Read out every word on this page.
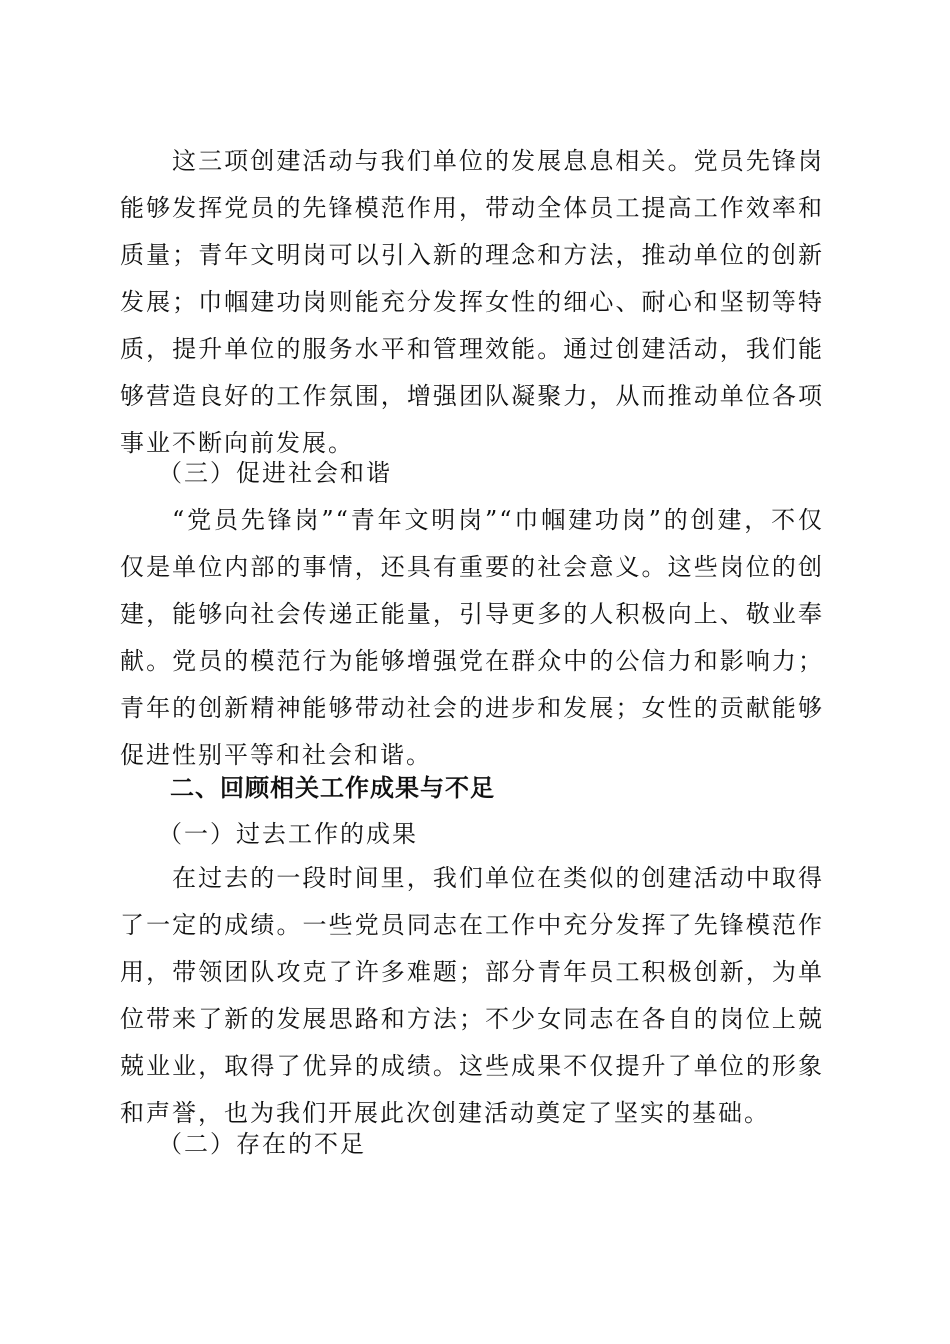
这三项创建活动与我们单位的发展息息相关。党员先锋岗能够发挥党员的先锋模范作用，带动全体员工提高工作效率和质量；青年文明岗可以引入新的理念和方法，推动单位的创新发展；巾帼建功岗则能充分发挥女性的细心、耐心和坚韧等特质，提升单位的服务水平和管理效能。通过创建活动，我们能够营造良好的工作氛围，增强团队凝聚力，从而推动单位各项事业不断向前发展。

（三）促进社会和谐

“党员先锋岗”“青年文明岗”“巾帼建功岗”的创建，不仅仅是单位内部的事情，还具有重要的社会意义。这些岗位的创建，能够向社会传递正能量，引导更多的人积极向上、敬业奉献。党员的模范行为能够增强党在群众中的公信力和影响力；青年的创新精神能够带动社会的进步和发展；女性的贡献能够促进性别平等和社会和谐。

二、回顾相关工作成果与不足

（一）过去工作的成果

在过去的一段时间里，我们单位在类似的创建活动中取得了一定的成绩。一些党员同志在工作中充分发挥了先锋模范作用，带领团队攻克了许多难题；部分青年员工积极创新，为单位带来了新的发展思路和方法；不少女同志在各自的岗位上兢兢业业，取得了优异的成绩。这些成果不仅提升了单位的形象和声誉，也为我们开展此次创建活动奠定了坚实的基础。

（二）存在的不足
